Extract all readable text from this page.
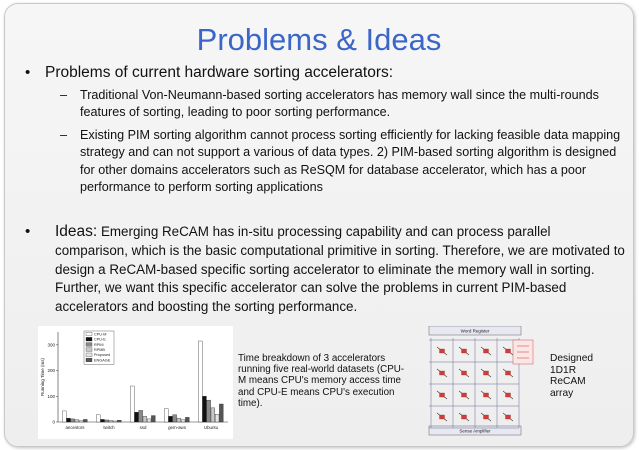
Problems & Ideas
• Problems of current hardware sorting accelerators:
– Traditional Von-Neumann-based sorting accelerators has memory wall since the multi-rounds features of sorting, leading to poor sorting performance.
– Existing PIM sorting algorithm cannot process sorting efficiently for lacking feasible data mapping strategy and can not support a various of data types. 2) PIM-based sorting algorithm is designed for other domains accelerators such as ReSQM for database accelerator, which has a poor performance to perform sorting applications
• Ideas: Emerging ReCAM has in-situ processing capability and can process parallel comparison, which is the basic computational primitive in sorting. Therefore, we are motivated to design a ReCAM-based specific sorting accelerator to eliminate the memory wall in sorting. Further, we want this specific accelerator can solve the problems in current PIM-based accelerators and boosting the sorting performance.
0
100
200
300
Running Time (ms)
ancestors	twitch	ssd	gem-aws	Ubuntu
CPU-M
CPU-E
RPIM
RPMB
Proposed
ENGAGE	Time breakdown of 3 accelerators running five real-world datasets (CPU-M means CPU's memory access time and CPU-E means CPU's execution time).
Word Register
Sense Amplifier
Designed 1D1R ReCAM array
